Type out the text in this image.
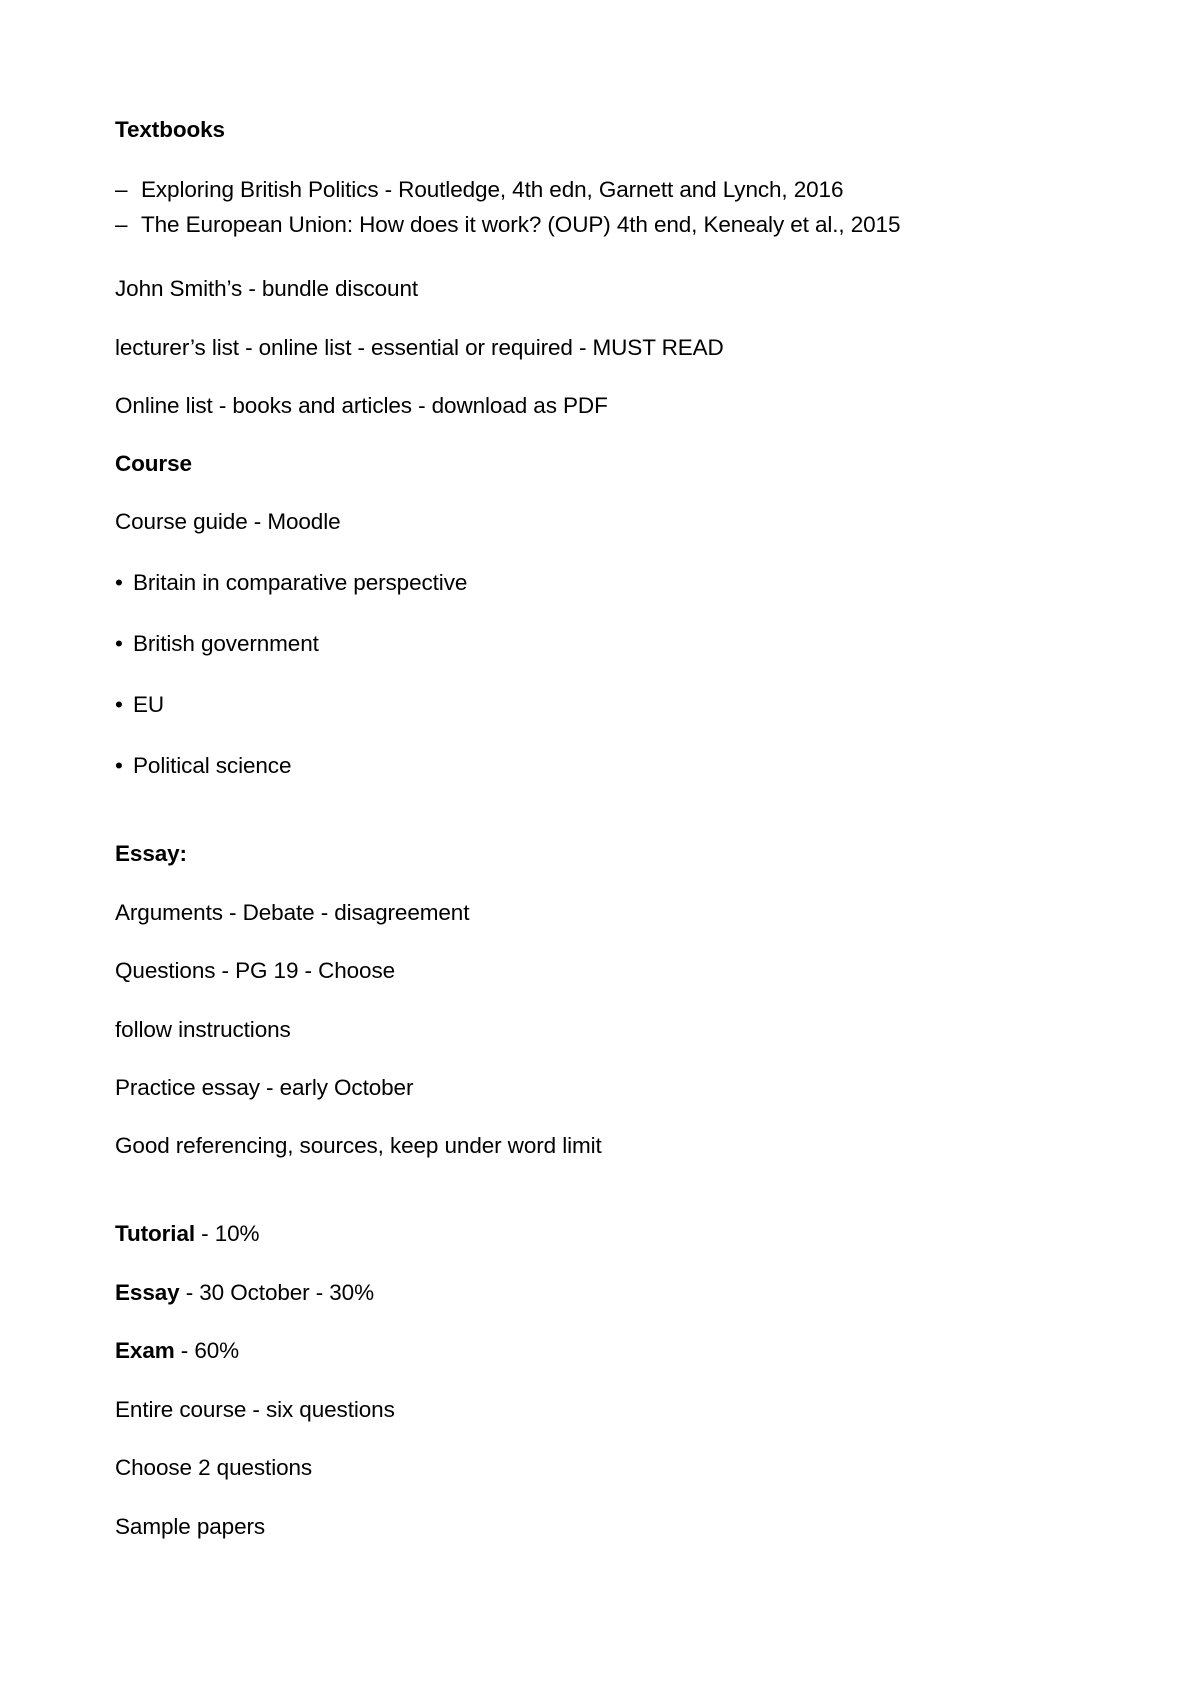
Textbooks
– Exploring British Politics - Routledge, 4th edn, Garnett and Lynch, 2016
– The European Union: How does it work? (OUP) 4th end, Kenealy et al., 2015
John Smith’s - bundle discount
lecturer’s list - online list - essential or required - MUST READ
Online list - books and articles - download as PDF
Course
Course guide - Moodle
• Britain in comparative perspective
• British government
• EU
• Political science
Essay:
Arguments - Debate - disagreement
Questions - PG 19 - Choose
follow instructions
Practice essay - early October
Good referencing, sources, keep under word limit
Tutorial - 10%
Essay - 30 October - 30%
Exam - 60%
Entire course - six questions
Choose 2 questions
Sample papers
